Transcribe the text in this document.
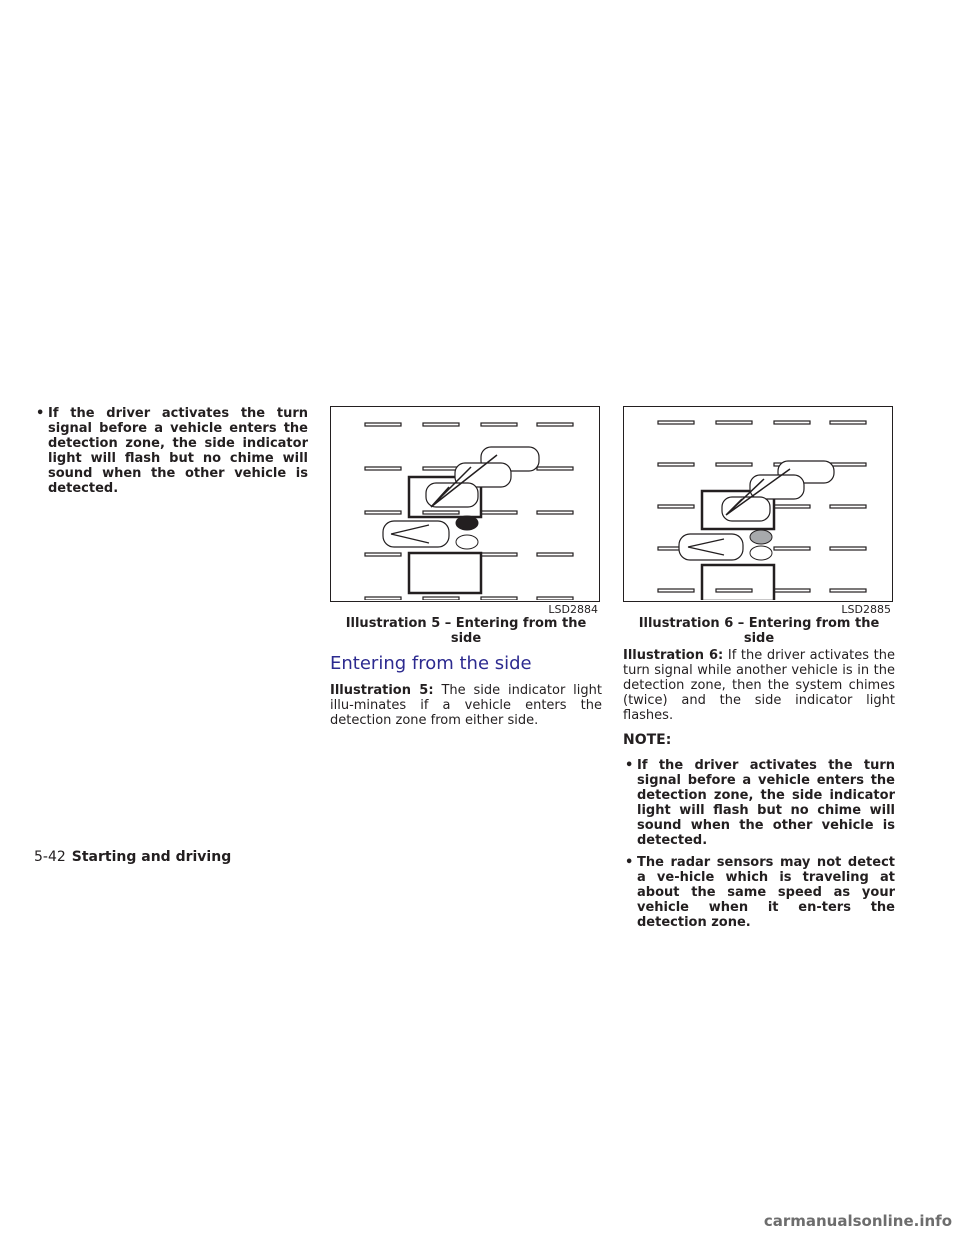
• If the driver activates the turn signal before a vehicle enters the detection zone, the side indicator light will flash but no chime will sound when the other vehicle is detected.
LSD2884
Illustration 5 – Entering from the side
Entering from the side

Illustration 5: The side indicator light illu-minates if a vehicle enters the detection zone from either side.

LSD2885
Illustration 6 – Entering from the side

Illustration 6: If the driver activates the turn signal while another vehicle is in the detection zone, then the system chimes (twice) and the side indicator light flashes.

NOTE:
• If the driver activates the turn signal before a vehicle enters the detection zone, the side indicator light will flash but no chime will sound when the other vehicle is detected.
• The radar sensors may not detect a ve-hicle which is traveling at about the same speed as your vehicle when it en-ters the detection zone.
5-42 Starting and driving
carmanualsonline.info
